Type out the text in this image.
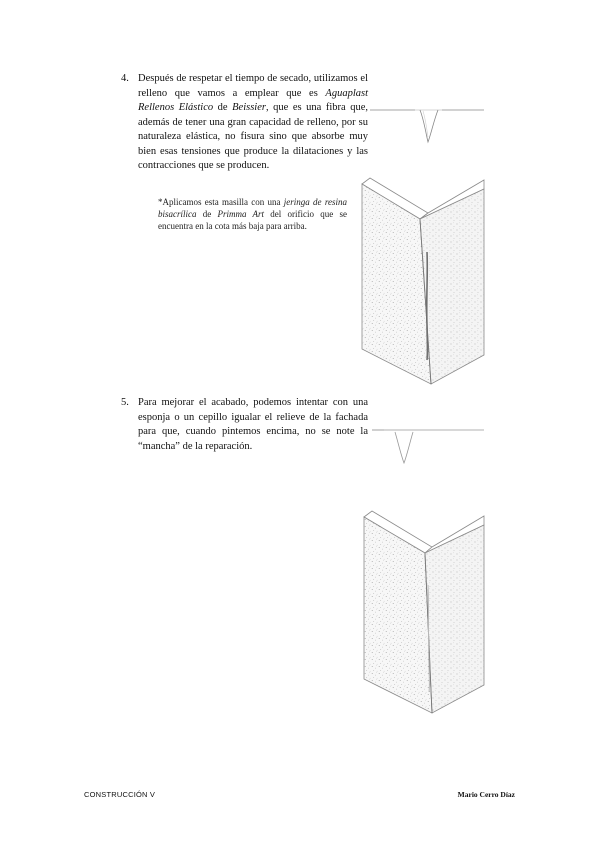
4. Después de respetar el tiempo de secado, utilizamos el relleno que vamos a emplear que es Aguaplast Rellenos Elástico de Beissier, que es una fibra que, además de tener una gran capacidad de relleno, por su naturaleza elástica, no fisura sino que absorbe muy bien esas tensiones que produce la dilataciones y las contracciones que se producen.
*Aplicamos esta masilla con una jeringa de resina bisacrílica de Primma Art del orificio que se encuentra en la cota más baja para arriba.
5. Para mejorar el acabado, podemos intentar con una esponja o un cepillo igualar el relieve de la fachada para que, cuando pintemos encima, no se note la “mancha” de la reparación.
CONSTRUCCIÓN V	Mario Cerro Díaz
